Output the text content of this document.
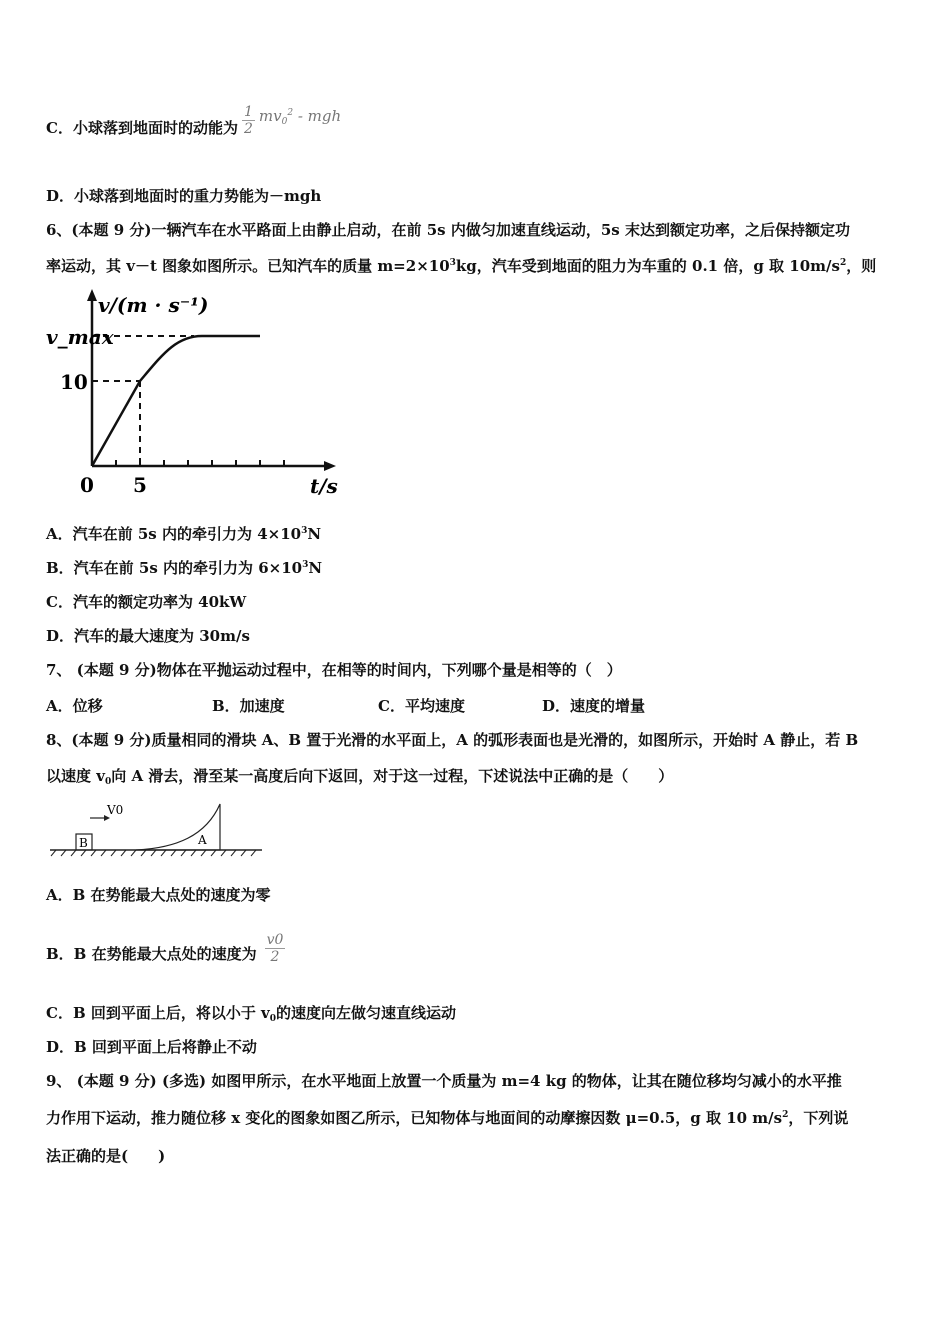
C．小球落到地面时的动能为 $\frac{1}{2} mv_0^2$ - mgh
D．小球落到地面时的重力势能为－mgh
6、(本题 9 分)一辆汽车在水平路面上由静止启动，在前 5s 内做匀加速直线运动，5s 末达到额定功率，之后保持额定功
率运动，其 v－t 图象如图所示。已知汽车的质量 $m=2\times 10^3kg$，汽车受到地面的阻力为车重的 0.1 倍，g 取 $10m/s^2$，则
v/(m · s⁻¹)
v_max
10
0 5	t/s
A．汽车在前 5s 内的牵引力为 $4\times 10^3N$
B．汽车在前 5s 内的牵引力为 $6\times 10^3N$
C．汽车的额定功率为 40kW
D．汽车的最大速度为 30m/s
7、 (本题 9 分)物体在平抛运动过程中，在相等的时间内，下列哪个量是相等的（　）
A．位移	B．加速度	C．平均速度	D．速度的增量
8、(本题 9 分)质量相同的滑块 A、B 置于光滑的水平面上，A 的弧形表面也是光滑的，如图所示，开始时 A 静止，若 B
以速度 $v_0$向 A 滑去，滑至某一高度后向下返回，对于这一过程，下述说法中正确的是（　　）
B
V0
A
A．B 在势能最大点处的速度为零
B．B 在势能最大点处的速度为 $\frac{v0}{2}$
C．B 回到平面上后，将以小于 $v_0$的速度向左做匀速直线运动
D．B 回到平面上后将静止不动
9、 (本题 9 分) (多选) 如图甲所示，在水平地面上放置一个质量为 m=4 kg 的物体，让其在随位移均匀减小的水平推
力作用下运动，推力随位移 x 变化的图象如图乙所示，已知物体与地面间的动摩擦因数 μ=0.5，g 取 10 $m/s^2$，下列说
法正确的是(　　)
